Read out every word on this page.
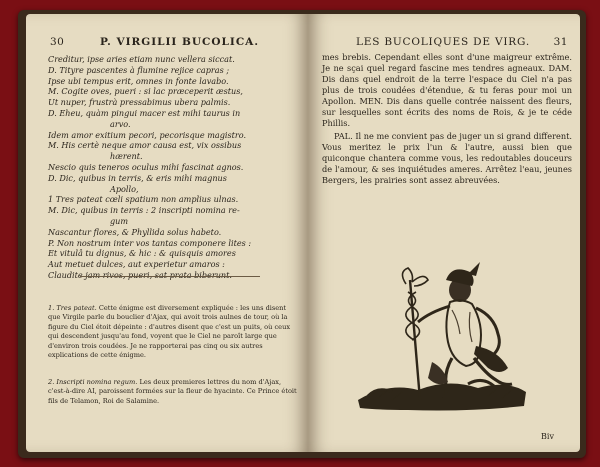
30	P. VIRGILII BUCOLICA.
Creditur, ipse aries etiam nunc vellera siccat.
D. Tityre pascentes à flumine rejice capras ;
Ipse ubi tempus erit, omnes in fonte lavabo.
M. Cogite oves, pueri : si lac præceperit æstus,
Ut nuper, frustrà pressabimus ubera palmis.
D. Eheu, quàm pingui macer est mihi taurus in
arvo.
Idem amor exitium pecori, pecorisque magistro.
M. His certè neque amor causa est, vix ossibus
hærent.
Nescio quis teneros oculus mihi fascinat agnos.
D. Dic, quibus in terris, & eris mihi magnus
Apollo,
1 Tres pateat cœli spatium non amplius ulnas.
M. Dic, quibus in terris : 2 inscripti nomina re-
gum
Nascantur flores, & Phyllida solus habeto.
P. Non nostrum inter vos tantas componere lites :
Et vitulâ tu dignus, & hic : & quisquis amores
Aut metuet dulces, aut experietur amaros :
Claudite jam rivos, pueri, sat prata biberunt.
1. Tres pateat. Cette énigme est diversement expliquée : les uns disent que Virgile parle du bouclier d'Ajax, qui avoit trois aulnes de tour, où la figure du Ciel étoit dépeinte : d'autres disent que c'est un puits, où ceux qui descendent jusqu'au fond, voyent que le Ciel ne paroît large que d'environ trois coudées. Je ne rapporterai pas cinq ou six autres explications de cette énigme.
2. Inscripti nomina regum. Les deux premieres lettres du nom d'Ajax, c'est-à-dire AI, paroissent formées sur la fleur de hyacinte. Ce Prince étoit fils de Telamon, Roi de Salamine.
LES BUCOLIQUES DE VIRG. 31

mes brebis. Cependant elles sont d'une maigreur extrême. Je ne sçai quel regard fascine mes tendres agneaux. DAM. Dis dans quel endroit de la terre l'espace du Ciel n'a pas plus de trois coudées d'étendue, & tu feras pour moi un Apollon. MEN. Dis dans quelle contrée naissent des fleurs, sur lesquelles sont écrits des noms de Rois, & je te céde Phillis.

PAL. Il ne me convient pas de juger un si grand different. Vous meritez le prix l'un & l'autre, aussi bien que quiconque chantera comme vous, les redoutables douceurs de l'amour, & ses inquiétudes ameres. Arrêtez l'eau, jeunes Bergers, les prairies sont assez abreuvées.

Biv
